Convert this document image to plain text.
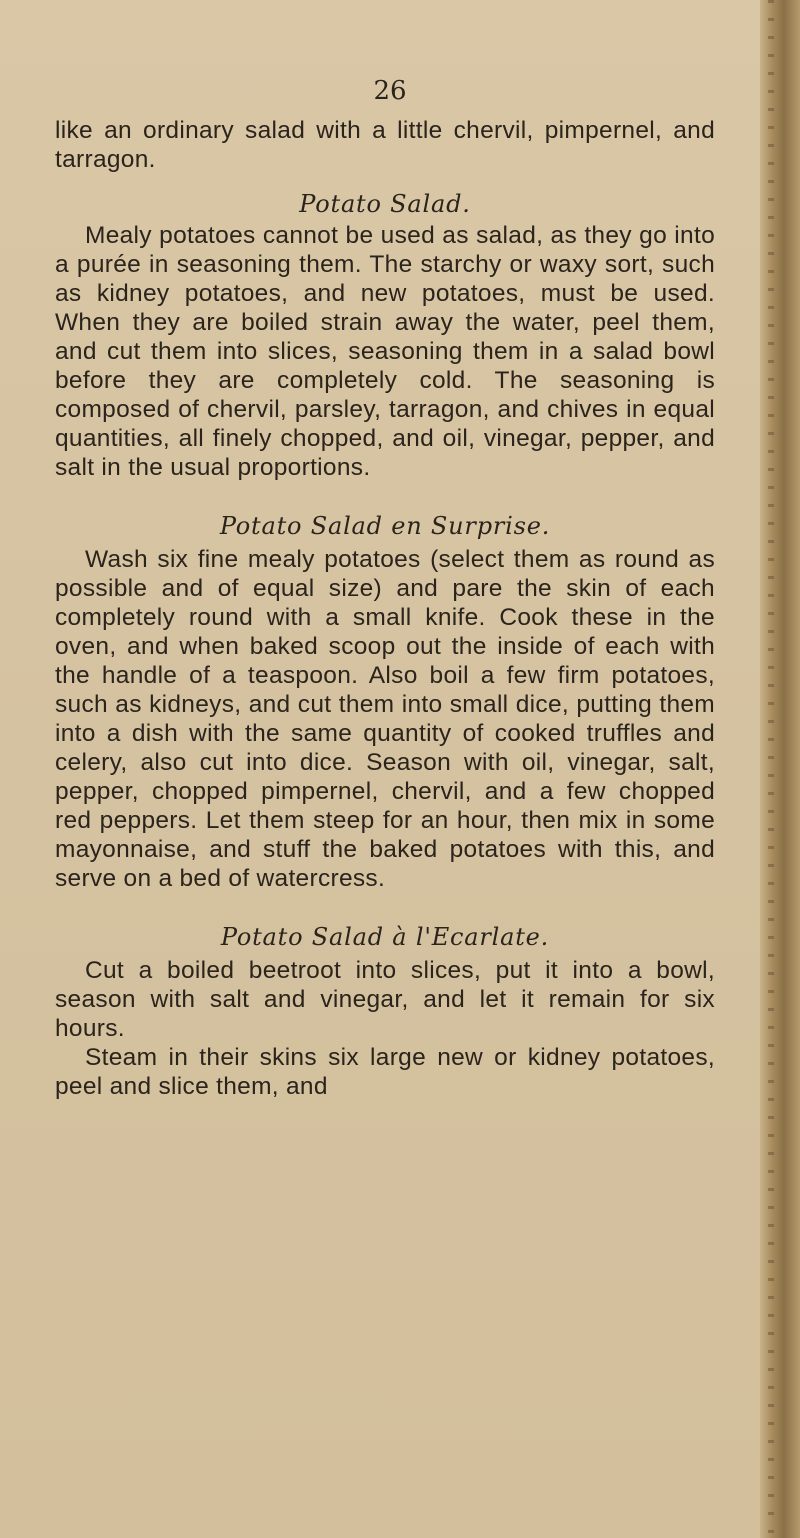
26

like an ordinary salad with a little chervil, pimpernel, and tarragon.

Potato Salad.

Mealy potatoes cannot be used as salad, as they go into a purée in seasoning them. The starchy or waxy sort, such as kidney potatoes, and new potatoes, must be used. When they are boiled strain away the water, peel them, and cut them into slices, seasoning them in a salad bowl before they are completely cold. The seasoning is composed of chervil, parsley, tarragon, and chives in equal quantities, all finely chopped, and oil, vinegar, pepper, and salt in the usual proportions.

Potato Salad en Surprise.

Wash six fine mealy potatoes (select them as round as possible and of equal size) and pare the skin of each completely round with a small knife. Cook these in the oven, and when baked scoop out the inside of each with the handle of a teaspoon. Also boil a few firm potatoes, such as kidneys, and cut them into small dice, putting them into a dish with the same quantity of cooked truffles and celery, also cut into dice. Season with oil, vinegar, salt, pepper, chopped pimpernel, chervil, and a few chopped red peppers. Let them steep for an hour, then mix in some mayonnaise, and stuff the baked potatoes with this, and serve on a bed of watercress.

Potato Salad à l'Ecarlate.

Cut a boiled beetroot into slices, put it into a bowl, season with salt and vinegar, and let it remain for six hours.

Steam in their skins six large new or kidney potatoes, peel and slice them, and
